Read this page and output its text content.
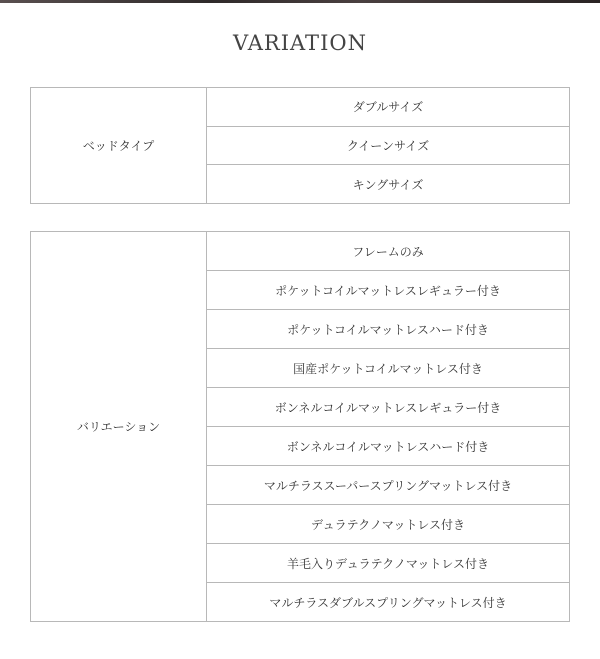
VARIATION
ベッドタイプ
ダブルサイズ
クイーンサイズ
キングサイズ
バリエーション
フレームのみ
ポケットコイルマットレスレギュラー付き
ポケットコイルマットレスハード付き
国産ポケットコイルマットレス付き
ボンネルコイルマットレスレギュラー付き
ボンネルコイルマットレスハード付き
マルチラススーパースプリングマットレス付き
デュラテクノマットレス付き
羊毛入りデュラテクノマットレス付き
マルチラスダブルスプリングマットレス付き
